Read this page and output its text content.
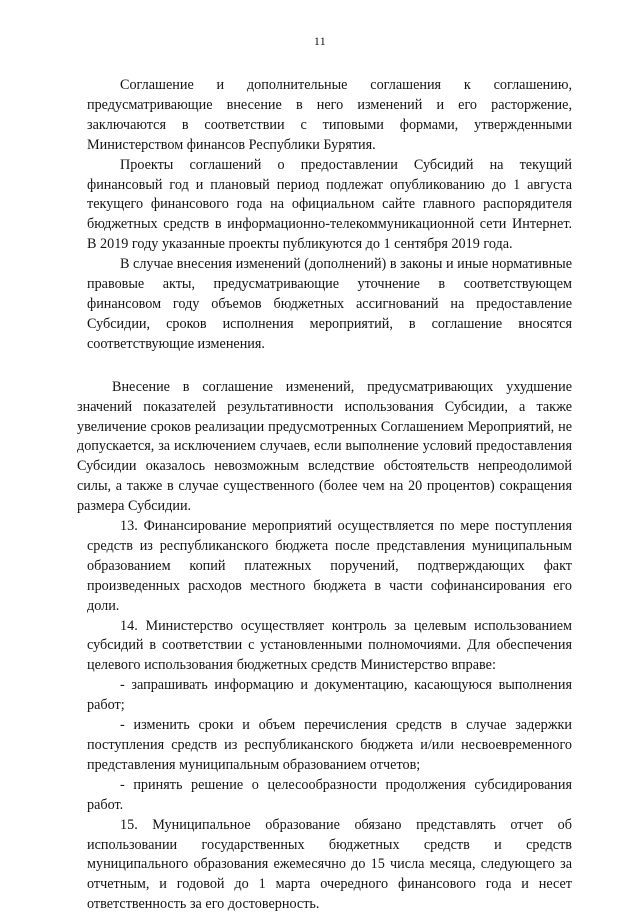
11

Соглашение и дополнительные соглашения к соглашению, предусматривающие внесение в него изменений и его расторжение, заключаются в соответствии с типовыми формами, утвержденными Министерством финансов Республики Бурятия.

Проекты соглашений о предоставлении Субсидий на текущий финансовый год и плановый период подлежат опубликованию до 1 августа текущего финансового года на официальном сайте главного распорядителя бюджетных средств в информационно-телекоммуникационной сети Интернет. В 2019 году указанные проекты публикуются до 1 сентября 2019 года.

В случае внесения изменений (дополнений) в законы и иные нормативные правовые акты, предусматривающие уточнение в соответствующем финансовом году объемов бюджетных ассигнований на предоставление Субсидии, сроков исполнения мероприятий, в соглашение вносятся соответствующие изменения.

Внесение в соглашение изменений, предусматривающих ухудшение значений показателей результативности использования Субсидии, а также увеличение сроков реализации предусмотренных Соглашением Мероприятий, не допускается, за исключением случаев, если выполнение условий предоставления Субсидии оказалось невозможным вследствие обстоятельств непреодолимой силы, а также в случае существенного (более чем на 20 процентов) сокращения размера Субсидии.

13. Финансирование мероприятий осуществляется по мере поступления средств из республиканского бюджета после представления муниципальным образованием копий платежных поручений, подтверждающих факт произведенных расходов местного бюджета в части софинансирования его доли.

14. Министерство осуществляет контроль за целевым использованием субсидий в соответствии с установленными полномочиями. Для обеспечения целевого использования бюджетных средств Министерство вправе:

- запрашивать информацию и документацию, касающуюся выполнения работ;

- изменить сроки и объем перечисления средств в случае задержки поступления средств из республиканского бюджета и/или несвоевременного представления муниципальным образованием отчетов;

- принять решение о целесообразности продолжения субсидирования работ.

15. Муниципальное образование обязано представлять отчет об использовании государственных бюджетных средств и средств муниципального образования ежемесячно до 15 числа месяца, следующего за отчетным, и годовой до 1 марта очередного финансового года и несет ответственность за его достоверность.
